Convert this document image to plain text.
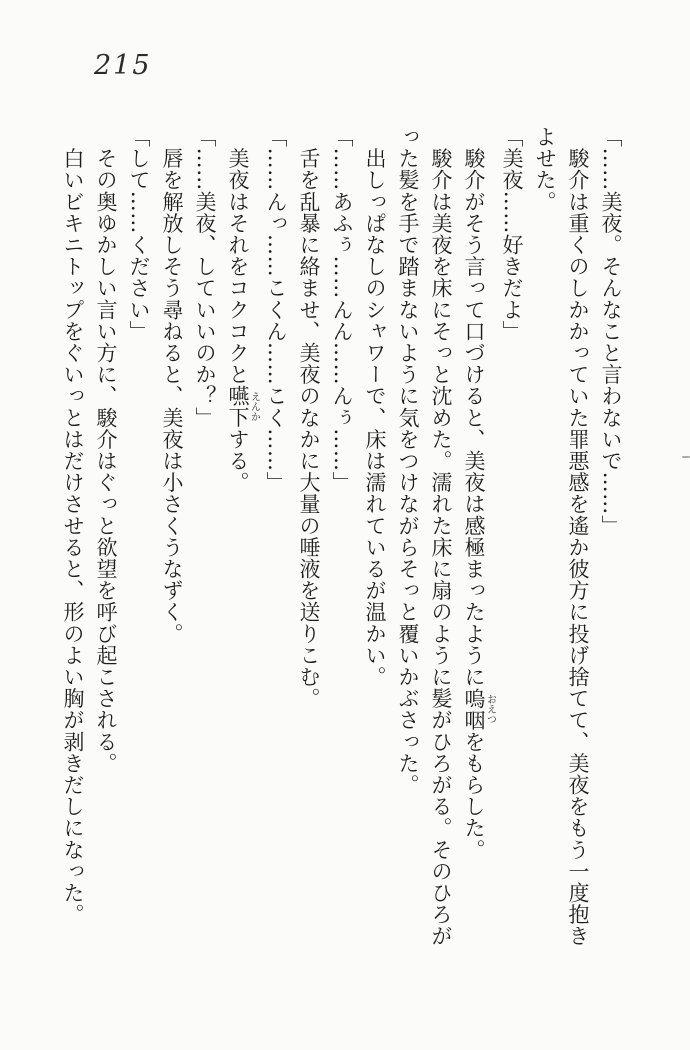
215
「……美夜。そんなこと言わないで……」
　駿介は重くのしかかっていた罪悪感を遙か彼方に投げ捨てて、美夜をもう一度抱き
よせた。
「美夜……好きだよ」
　駿介がそう言って口づけると、美夜は感極まったように嗚咽おえつをもらした。
　駿介は美夜を床にそっと沈めた。濡れた床に扇のように髪がひろがる。そのひろが
った髪を手で踏まないように気をつけながらそっと覆いかぶさった。
　出しっぱなしのシャワーで、床は濡れているが温かい。
「……あふぅ……んん……んぅ……」
　舌を乱暴に絡ませ、美夜のなかに大量の唾液を送りこむ。
「……んっ……こくん……こく……」
　美夜はそれをコクコクと嚥下えんかする。
「……美夜、していいのか？」
　唇を解放しそう尋ねると、美夜は小さくうなずく。
「して……ください」
　その奥ゆかしい言い方に、駿介はぐっと欲望を呼び起こされる。
　白いビキニトップをぐいっとはだけさせると、形のよい胸が剥きだしになった。
